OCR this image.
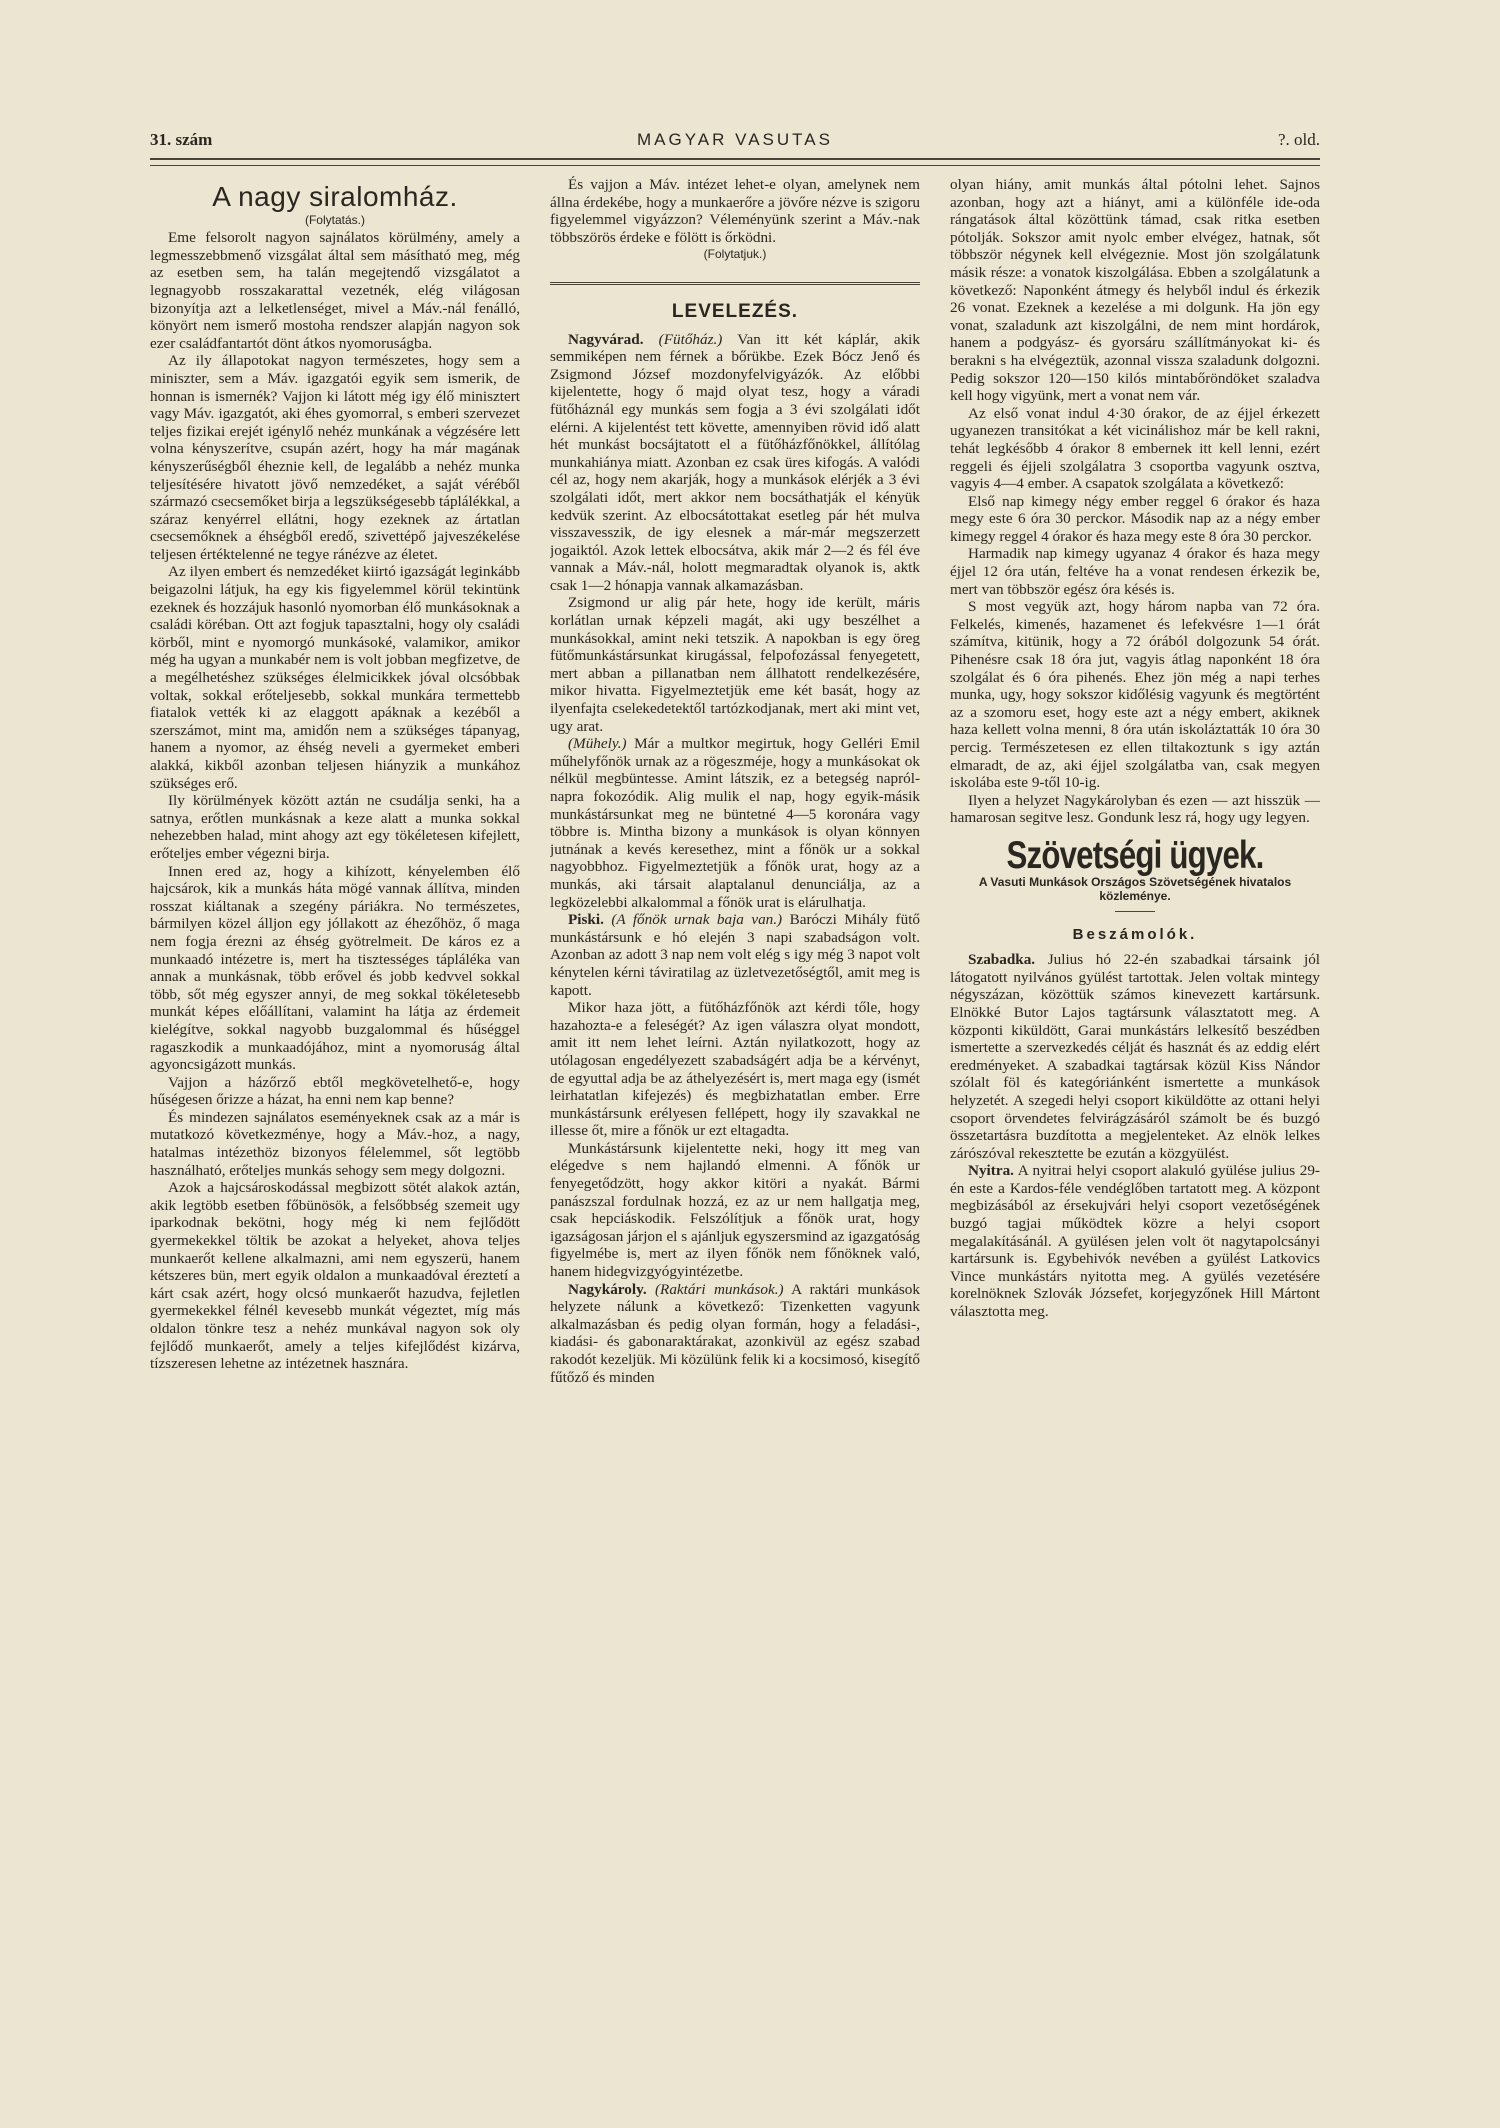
31. szám	MAGYAR VASUTAS	?. old.
A nagy siralomház.

(Folytatás.)

Eme felsorolt nagyon sajnálatos körülmény, amely a legmesszebbmenő vizsgálat által sem másítható meg, még az esetben sem, ha talán megejtendő vizsgálatot a legnagyobb rosszakarattal vezetnék, elég világosan bizonyítja azt a lelketlenséget, mivel a Máv.-nál fenálló, könyört nem ismerő mostoha rendszer alapján nagyon sok ezer családfantartót dönt átkos nyomoruságba.

Az ily állapotokat nagyon természetes, hogy sem a miniszter, sem a Máv. igazgatói egyik sem ismerik, de honnan is ismernék? Vajjon ki látott még igy élő minisztert vagy Máv. igazgatót, aki éhes gyomorral, s emberi szervezet teljes fizikai erejét igénylő nehéz munkának a végzésére lett volna kényszerítve, csupán azért, hogy ha már magának kényszerűségből éheznie kell, de legalább a nehéz munka teljesítésére hivatott jövő nemzedéket, a saját véréből származó csecsemőket birja a legszükségesebb táplálékkal, a száraz kenyérrel ellátni, hogy ezeknek az ártatlan csecsemőknek a éhségből eredő, szivettépő jajveszékelése teljesen értéktelenné ne tegye ránézve az életet.

Az ilyen embert és nemzedéket kiirtó igazságát leginkább beigazolni látjuk, ha egy kis figyelemmel körül tekintünk ezeknek és hozzájuk hasonló nyomorban élő munkásoknak a családi köréban. Ott azt fogjuk tapasztalni, hogy oly családi körből, mint e nyomorgó munkásoké, valamikor, amikor még ha ugyan a munkabér nem is volt jobban megfizetve, de a megélhetéshez szükséges élelmicikkek jóval olcsóbbak voltak, sokkal erőteljesebb, sokkal munkára termettebb fiatalok vették ki az elaggott apáknak a kezéből a szerszámot, mint ma, amidőn nem a szükséges tápanyag, hanem a nyomor, az éhség neveli a gyermeket emberi alakká, kikből azonban teljesen hiányzik a munkához szükséges erő.

Ily körülmények között aztán ne csudálja senki, ha a satnya, erőtlen munkásnak a keze alatt a munka sokkal nehezebben halad, mint ahogy azt egy tökéletesen kifejlett, erőteljes ember végezni birja.

Innen ered az, hogy a kihízott, kényelemben élő hajcsárok, kik a munkás háta mögé vannak állítva, minden rosszat kiáltanak a szegény páriákra. No természetes, bármilyen közel álljon egy jóllakott az éhezőhöz, ő maga nem fogja érezni az éhség gyötrelmeit. De káros ez a munkaadó intézetre is, mert ha tisztességes tápláléka van annak a munkásnak, több erővel és jobb kedvvel sokkal több, sőt még egyszer annyi, de meg sokkal tökéletesebb munkát képes előállítani, valamint ha látja az érdemeit kielégítve, sokkal nagyobb buzgalommal és hűséggel ragaszkodik a munkaadójához, mint a nyomoruság által agyoncsigázott munkás.

Vajjon a házőrző ebtől megkövetelhető-e, hogy hűségesen őrizze a házat, ha enni nem kap benne?

És mindezen sajnálatos eseményeknek csak az a már is mutatkozó következménye, hogy a Máv.-hoz, a nagy, hatalmas intézethöz bizonyos félelemmel, sőt legtöbb használható, erőteljes munkás sehogy sem megy dolgozni.

Azok a hajcsároskodással megbizott sötét alakok aztán, akik legtöbb esetben főbünösök, a felsőbbség szemeit ugy iparkodnak bekötni, hogy még ki nem fejlődött gyermekekkel töltik be azokat a helyeket, ahova teljes munkaerőt kellene alkalmazni, ami nem egyszerü, hanem kétszeres bün, mert egyik oldalon a munkaadóval éreztetí a kárt csak azért, hogy olcsó munkaerőt hazudva, fejletlen gyermekekkel félnél kevesebb munkát végeztet, míg más oldalon tönkre tesz a nehéz munkával nagyon sok oly fejlődő munkaerőt, amely a teljes kifejlődést kizárva, tízszeresen lehetne az intézetnek hasznára.

És vajjon a Máv. intézet lehet-e olyan, amelynek nem állna érdekébe, hogy a munkaerőre a jövőre nézve is szigoru figyelemmel vigyázzon? Véleményünk szerint a Máv.-nak többszörös érdeke e fölött is őrködni.

(Folytatjuk.)

LEVELEZÉS.

Nagyvárad. (Fütőház.) Van itt két káplár, akik semmiképen nem férnek a bőrükbe. Ezek Bócz Jenő és Zsigmond József mozdonyfelvigyázók. Az előbbi kijelentette, hogy ő majd olyat tesz, hogy a váradi fütőháznál egy munkás sem fogja a 3 évi szolgálati időt elérni. A kijelentést tett követte, amennyiben rövid idő alatt hét munkást bocsájtatott el a fütőházfőnökkel, állítólag munkahiánya miatt. Azonban ez csak üres kifogás. A valódi cél az, hogy nem akarják, hogy a munkások elérjék a 3 évi szolgálati időt, mert akkor nem bocsáthatják el kényük kedvük szerint. Az elbocsátottakat esetleg pár hét mulva visszavesszik, de igy elesnek a már-már megszerzett jogaiktól. Azok lettek elbocsátva, akik már 2—2 és fél éve vannak a Máv.-nál, holott megmaradtak olyanok is, aktk csak 1—2 hónapja vannak alkamazásban.

Zsigmond ur alig pár hete, hogy ide került, máris korlátlan urnak képzeli magát, aki ugy beszélhet a munkásokkal, amint neki tetszik. A napokban is egy öreg fütőmunkástársunkat kirugással, felpofozással fenyegetett, mert abban a pillanatban nem állhatott rendelkezésére, mikor hivatta. Figyelmeztetjük eme két basát, hogy az ilyenfajta cselekedetektől tartózkodjanak, mert aki mint vet, ugy arat.

(Mühely.) Már a multkor megirtuk, hogy Gelléri Emil műhelyfőnök urnak az a rögeszméje, hogy a munkásokat ok nélkül megbüntesse. Amint látszik, ez a betegség napról-napra fokozódik. Alig mulik el nap, hogy egyik-másik munkástársunkat meg ne büntetné 4—5 koronára vagy többre is. Mintha bizony a munkások is olyan könnyen jutnának a kevés keresethez, mint a főnök ur a sokkal nagyobbhoz. Figyelmeztetjük a főnök urat, hogy az a munkás, aki társait alaptalanul denunciálja, az a legközelebbi alkalommal a főnök urat is elárulhatja.

Piski. (A főnök urnak baja van.) Baróczi Mihály fütő munkástársunk e hó elején 3 napi szabadságon volt. Azonban az adott 3 nap nem volt elég s igy még 3 napot volt kénytelen kérni táviratilag az üzletvezetőségtől, amit meg is kapott.

Mikor haza jött, a fütőházfőnök azt kérdi tőle, hogy hazahozta-e a feleségét? Az igen válaszra olyat mondott, amit itt nem lehet leírni. Aztán nyilatkozott, hogy az utólagosan engedélyezett szabadságért adja be a kérvényt, de egyuttal adja be az áthelyezésért is, mert maga egy (ismét leirhatatlan kifejezés) és megbizhatatlan ember. Erre munkástársunk erélyesen fellépett, hogy ily szavakkal ne illesse őt, mire a főnök ur ezt eltagadta.

Munkástársunk kijelentette neki, hogy itt meg van elégedve s nem hajlandó elmenni. A főnök ur fenyegetődzött, hogy akkor kitöri a nyakát. Bármi panászszal fordulnak hozzá, ez az ur nem hallgatja meg, csak hepciáskodik. Felszólítjuk a főnök urat, hogy igazságosan járjon el s ajánljuk egyszersmind az igazgatóság figyelmébe is, mert az ilyen főnök nem főnöknek való, hanem hidegvizgyógyintézetbe.

Nagykároly. (Raktári munkások.) A raktári munkások helyzete nálunk a következő: Tizenketten vagyunk alkalmazásban és pedig olyan formán, hogy a feladási-, kiadási- és gabonaraktárakat, azonkivül az egész szabad rakodót kezeljük. Mi közülünk felik ki a kocsimosó, kisegítő fűtőző és minden

olyan hiány, amit munkás által pótolni lehet. Sajnos azonban, hogy azt a hiányt, ami a különféle ide-oda rángatások által közöttünk támad, csak ritka esetben pótolják. Sokszor amit nyolc ember elvégez, hatnak, sőt többször négynek kell elvégeznie. Most jön szolgálatunk másik része: a vonatok kiszolgálása. Ebben a szolgálatunk a következő: Naponként átmegy és helyből indul és érkezik 26 vonat. Ezeknek a kezelése a mi dolgunk. Ha jön egy vonat, szaladunk azt kiszolgálni, de nem mint hordárok, hanem a podgyász- és gyorsáru szállítmányokat ki- és berakni s ha elvégeztük, azonnal vissza szaladunk dolgozni. Pedig sokszor 120—150 kilós mintabőröndöket szaladva kell hogy vigyünk, mert a vonat nem vár.

Az első vonat indul 4·30 órakor, de az éjjel érkezett ugyanezen transitókat a két vicinálishoz már be kell rakni, tehát legkésőbb 4 órakor 8 embernek itt kell lenni, ezért reggeli és éjjeli szolgálatra 3 csoportba vagyunk osztva, vagyis 4—4 ember. A csapatok szolgálata a következő:

Első nap kimegy négy ember reggel 6 órakor és haza megy este 6 óra 30 perckor. Második nap az a négy ember kimegy reggel 4 órakor és haza megy este 8 óra 30 perckor.

Harmadik nap kimegy ugyanaz 4 órakor és haza megy éjjel 12 óra után, feltéve ha a vonat rendesen érkezik be, mert van többször egész óra késés is.

S most vegyük azt, hogy három napba van 72 óra. Felkelés, kimenés, hazamenet és lefekvésre 1—1 órát számítva, kitünik, hogy a 72 órából dolgozunk 54 órát. Pihenésre csak 18 óra jut, vagyis átlag naponként 18 óra szolgálat és 6 óra pihenés. Ehez jön még a napi terhes munka, ugy, hogy sokszor kidőlésig vagyunk és megtörtént az a szomoru eset, hogy este azt a négy embert, akiknek haza kellett volna menni, 8 óra után iskoláztatták 10 óra 30 percig. Természetesen ez ellen tiltakoztunk s igy aztán elmaradt, de az, aki éjjel szolgálatba van, csak megyen iskolába este 9-től 10-ig.

Ilyen a helyzet Nagykárolyban és ezen — azt hisszük — hamarosan segitve lesz. Gondunk lesz rá, hogy ugy legyen.

Szövetségi ügyek.
A Vasuti Munkások Országos Szövetségének hivatalos közleménye.
Beszámolók.

Szabadka. Julius hó 22-én szabadkai társaink jól látogatott nyilvános gyülést tartottak. Jelen voltak mintegy négyszázan, közöttük számos kinevezett kartársunk. Elnökké Butor Lajos tagtársunk választatott meg. A központi kiküldött, Garai munkástárs lelkesítő beszédben ismertette a szervezkedés célját és hasznát és az eddig elért eredményeket. A szabadkai tagtársak közül Kiss Nándor szólalt föl és kategóriánként ismertette a munkások helyzetét. A szegedi helyi csoport kiküldötte az ottani helyi csoport örvendetes felvirágzásáról számolt be és buzgó összetartásra buzdította a megjelenteket. Az elnök lelkes zárószóval rekesztette be ezután a közgyülést.

Nyitra. A nyitrai helyi csoport alakuló gyülése julius 29-én este a Kardos-féle vendéglőben tartatott meg. A központ megbizásából az érsekujvári helyi csoport vezetőségének buzgó tagjai működtek közre a helyi csoport megalakításánál. A gyülésen jelen volt öt nagytapolcsányi kartársunk is. Egybehivók nevében a gyülést Latkovics Vince munkástárs nyitotta meg. A gyülés vezetésére korelnöknek Szlovák Józsefet, korjegyzőnek Hill Mártont választotta meg.
